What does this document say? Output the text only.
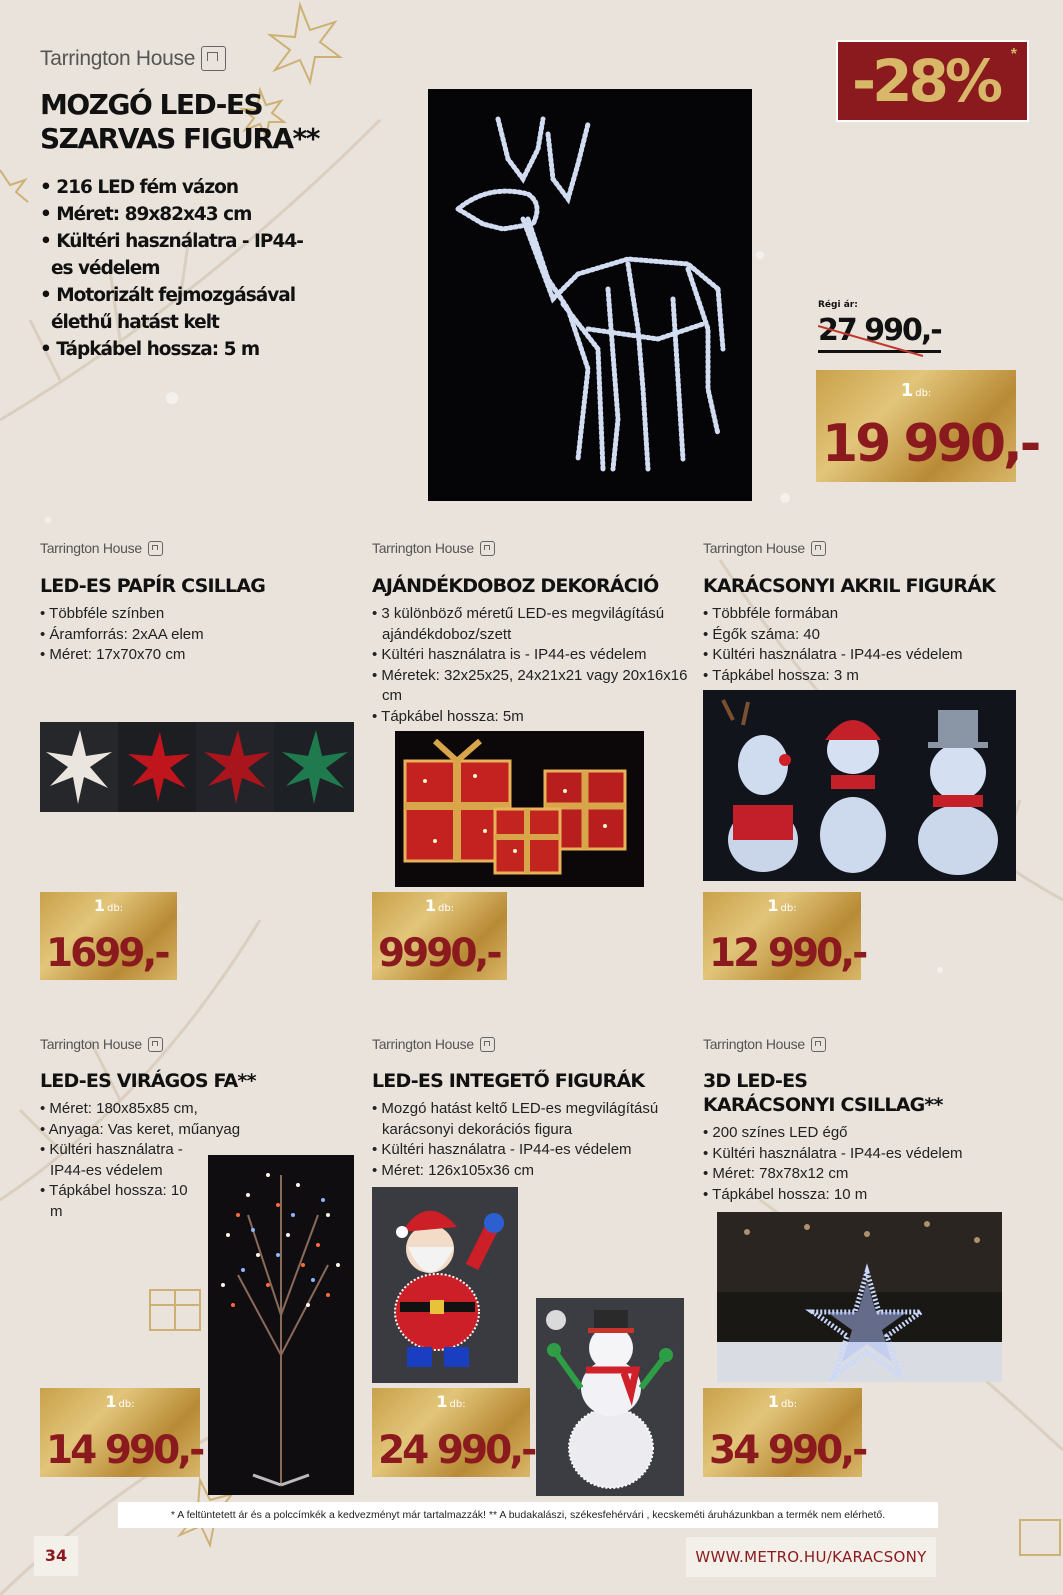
Tarrington House
MOZGÓ LED-ES
SZARVAS FIGURA**
• 216 LED fém vázon
• Méret: 89x82x43 cm
• Kültéri használatra - IP44-es védelem
• Motorizált fejmozgásával élethű hatást kelt
• Tápkábel hossza: 5 m
-28% *
Régi ár:
27 990,-
1 db:
19 990,-
Tarrington House
LED-ES PAPÍR CSILLAG
• Többféle színben
• Áramforrás: 2xAA elem
• Méret: 17x70x70 cm
1 db:
1699,-
Tarrington House
AJÁNDÉKDOBOZ DEKORÁCIÓ
• 3 különböző méretű LED-es megvilágítású ajándékdoboz/szett
• Kültéri használatra is - IP44-es védelem
• Méretek: 32x25x25, 24x21x21 vagy 20x16x16 cm
• Tápkábel hossza: 5m
1 db:
9990,-
Tarrington House
KARÁCSONYI AKRIL FIGURÁK
• Többféle formában
• Égők száma: 40
• Kültéri használatra - IP44-es védelem
• Tápkábel hossza: 3 m
1 db:
12 990,-
Tarrington House
LED-ES VIRÁGOS FA**
• Méret: 180x85x85 cm,
• Anyaga: Vas keret, műanyag
• Kültéri használatra - IP44-es védelem
• Tápkábel hossza: 10 m
1 db:
14 990,-
Tarrington House
LED-ES INTEGETŐ FIGURÁK
• Mozgó hatást keltő LED-es megvilágítású karácsonyi dekorációs figura
• Kültéri használatra - IP44-es védelem
• Méret: 126x105x36 cm
1 db:
24 990,-
Tarrington House
3D LED-ES
KARÁCSONYI CSILLAG**
• 200 színes LED égő
• Kültéri használatra - IP44-es védelem
• Méret: 78x78x12 cm
• Tápkábel hossza: 10 m
1 db:
34 990,-
* A feltüntetett ár és a polccímkék a kedvezményt már tartalmazzák! ** A budakalászi, székesfehérvári , kecskeméti áruházunkban a termék nem elérhető.
34	WWW.METRO.HU/KARACSONY
